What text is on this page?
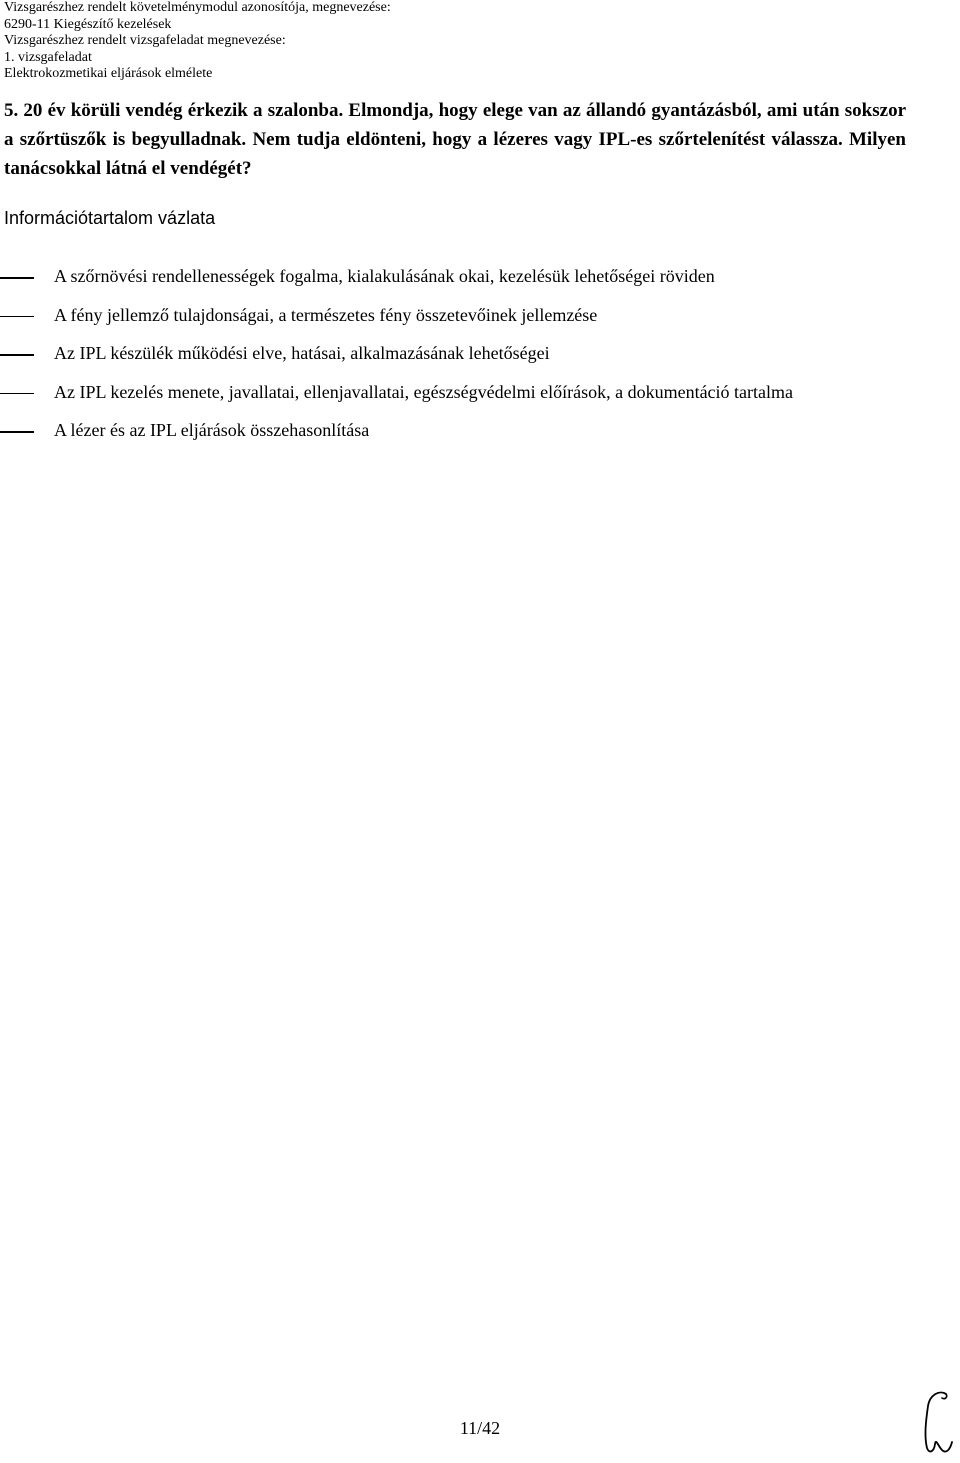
Vizsgarészhez rendelt követelménymodul azonosítója, megnevezése:
6290-11 Kiegészítő kezelések
Vizsgarészhez rendelt vizsgafeladat megnevezése:
1. vizsgafeladat
Elektrokozmetikai eljárások elmélete
5. 20 év körüli vendég érkezik a szalonba. Elmondja, hogy elege van az állandó gyantázásból, ami után sokszor a szőrtüszők is begyulladnak. Nem tudja eldönteni, hogy a lézeres vagy IPL-es szőrtelenítést válassza. Milyen tanácsokkal látná el vendégét?
Információtartalom vázlata
A szőrnövési rendellenességek fogalma, kialakulásának okai, kezelésük lehetőségei röviden
A fény jellemző tulajdonságai, a természetes fény összetevőinek jellemzése
Az IPL készülék működési elve, hatásai, alkalmazásának lehetőségei
Az IPL kezelés menete, javallatai, ellenjavallatai, egészségvédelmi előírások, a dokumentáció tartalma
A lézer és az IPL eljárások összehasonlítása
11/42
